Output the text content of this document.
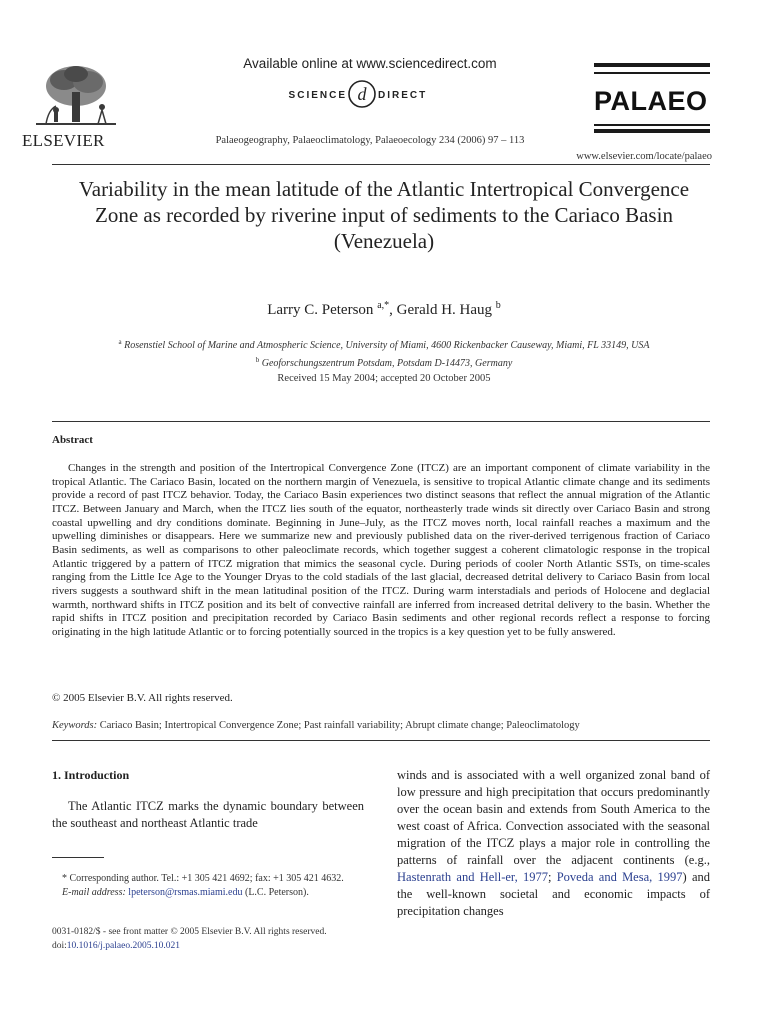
ELSEVIER
Available online at www.sciencedirect.com
SCIENCE d DIRECT
Palaeogeography, Palaeoclimatology, Palaeoecology 234 (2006) 97 – 113
PALAEO
www.elsevier.com/locate/palaeo
Variability in the mean latitude of the Atlantic Intertropical Convergence Zone as recorded by riverine input of sediments to the Cariaco Basin (Venezuela)
Larry C. Peterson $^{a,*}$, Gerald H. Haug $^b$
$^a$ Rosenstiel School of Marine and Atmospheric Science, University of Miami, 4600 Rickenbacker Causeway, Miami, FL 33149, USA
$^b$ Geoforschungszentrum Potsdam, Potsdam D-14473, Germany
Received 15 May 2004; accepted 20 October 2005
Abstract

Changes in the strength and position of the Intertropical Convergence Zone (ITCZ) are an important component of climate variability in the tropical Atlantic. The Cariaco Basin, located on the northern margin of Venezuela, is sensitive to tropical Atlantic climate change and its sediments provide a record of past ITCZ behavior. Today, the Cariaco Basin experiences two distinct seasons that reflect the annual migration of the Atlantic ITCZ. Between January and March, when the ITCZ lies south of the equator, northeasterly trade winds sit directly over Cariaco Basin and strong coastal upwelling and dry conditions dominate. Beginning in June–July, as the ITCZ moves north, local rainfall reaches a maximum and the upwelling diminishes or disappears. Here we summarize new and previously published data on the river-derived terrigenous fraction of Cariaco Basin sediments, as well as comparisons to other paleoclimate records, which together suggest a coherent climatologic response in the tropical Atlantic triggered by a pattern of ITCZ migration that mimics the seasonal cycle. During periods of cooler North Atlantic SSTs, on time-scales ranging from the Little Ice Age to the Younger Dryas to the cold stadials of the last glacial, decreased detrital delivery to Cariaco Basin from local rivers suggests a southward shift in the mean latitudinal position of the ITCZ. During warm interstadials and periods of Holocene and deglacial warmth, northward shifts in ITCZ position and its belt of convective rainfall are inferred from increased detrital delivery to the basin. Whether the rapid shifts in ITCZ position and precipitation recorded by Cariaco Basin sediments and other regional records reflect a response to forcing originating in the high latitude Atlantic or to forcing potentially sourced in the tropics is a key question yet to be fully answered.

© 2005 Elsevier B.V. All rights reserved.
Keywords: Cariaco Basin; Intertropical Convergence Zone; Past rainfall variability; Abrupt climate change; Paleoclimatology
1. Introduction

The Atlantic ITCZ marks the dynamic boundary between the southeast and northeast Atlantic trade

* Corresponding author. Tel.: +1 305 421 4692; fax: +1 305 421 4632.

E-mail address: lpeterson@rsmas.miami.edu (L.C. Peterson).

0031-0182/$ - see front matter © 2005 Elsevier B.V. All rights reserved.
doi:10.1016/j.palaeo.2005.10.021

winds and is associated with a well organized zonal band of low pressure and high precipitation that occurs predominantly over the ocean basin and extends from South America to the west coast of Africa. Convection associated with the seasonal migration of the ITCZ plays a major role in controlling the patterns of rainfall over the adjacent continents (e.g., Hastenrath and Hell-er, 1977; Poveda and Mesa, 1997) and the well-known societal and economic impacts of precipitation changes
